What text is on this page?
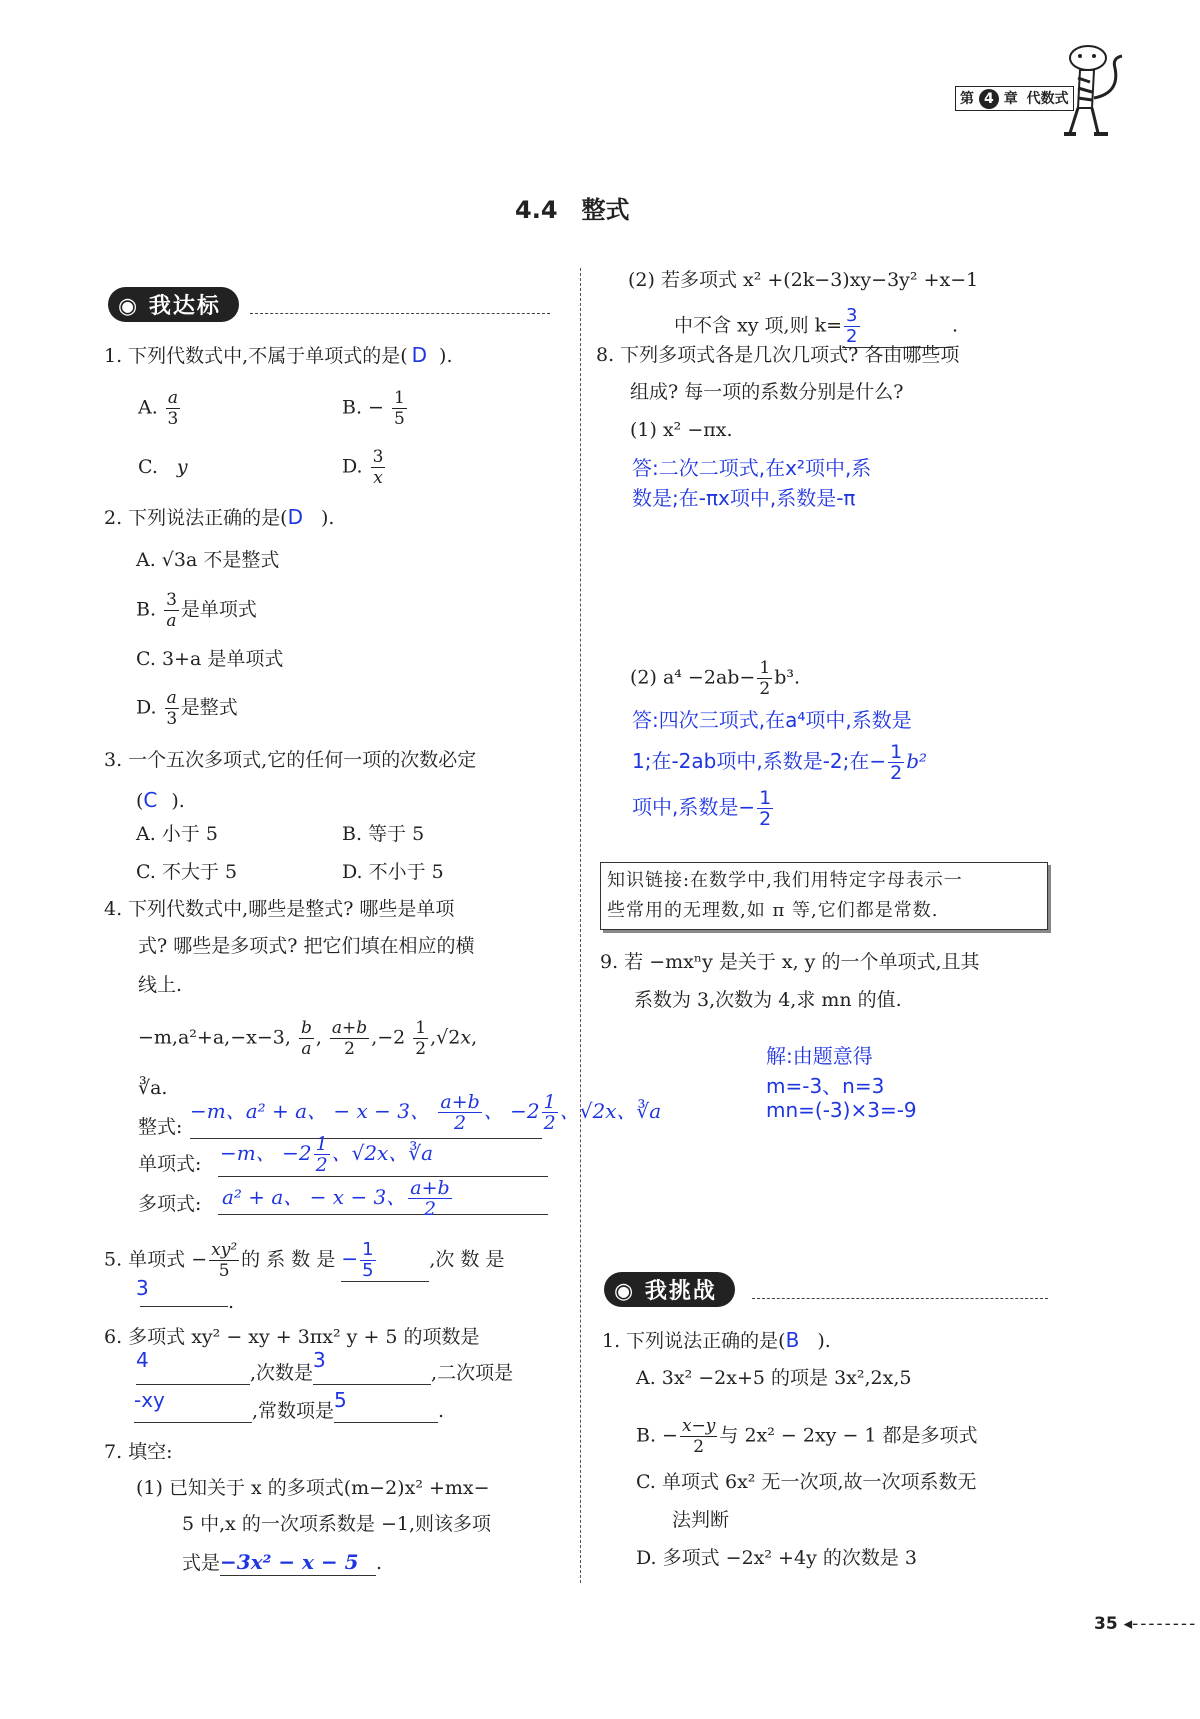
第 4 章 代数式
4.4　整式
◉ 我达标
1. 下列代数式中,不属于单项式的是( D ).
A. $\frac{a}{3}$	B. − $\frac{1}{5}$
C.　 y	D. $\frac{3}{x}$
2. 下列说法正确的是(D ).
A. √3a 不是整式
B. $\frac{3}{a}$ 是单项式
C. 3+a 是单项式
D. $\frac{a}{3}$ 是整式
3. 一个五次多项式,它的任何一项的次数必定
(C ).
A. 小于 5	B. 等于 5
C. 不大于 5	D. 不小于 5
4. 下列代数式中,哪些是整式? 哪些是单项
式? 哪些是多项式? 把它们填在相应的横
线上.
−m,a²+a,−x−3, $\frac{b}{a}$ , $\frac{a+b}{2} ,-2 \frac{1}{2} ,√2x$,
∛a.
整式:
−m、a² + a、 − x − 3、 $\frac{a+b}{2}$ 、 $-2 \frac{1}{2}$ 、√2x、∛a
单项式: −m、 $-2 \frac{1}{2}$ 、√2x、∛a
多项式: a² + a、 − x − 3、 $\frac{a+b}{2}$
5. 单项式 − $\frac{\text{xy²}}{5}$ 的 系 数 是 − $\frac{1}{5}$	,次 数 是
3
.
6. 多项式 xy² − xy + 3πx² y + 5 的项数是
4,次数是3,二次项是
-xy	,常数项是5	.
7. 填空:
(1) 已知关于 x 的多项式(m−2)x² +mx−
5 中,x 的一次项系数是 −1,则该多项
式是−3x² − x − 5 .
(2) 若多项式 x² +(2k−3)xy−3y² +x−1
中不含 xy 项,则 $k= \frac{3}{2}$	.
8. 下列多项式各是几次几项式? 各由哪些项
组成? 每一项的系数分别是什么?
(1) x² −πx.
答:二次二项式,在x²项中,系
数是;在-πx项中,系数是-π
(2) $a^4 -2ab- \frac{1}{2} b^3$.
答:四次三项式,在a⁴项中,系数是
1;在-2ab项中,系数是-2;在− $\frac{1}{2} b^2$
项中,系数是− $\frac{1}{2}$
知识链接:在数学中,我们用特定字母表示一
些常用的无理数,如 π 等,它们都是常数.
9. 若 −mxⁿy 是关于 x, y 的一个单项式,且其
系数为 3,次数为 4,求 mn 的值.
解:由题意得
m=-3、n=3
mn=(-3)×3=-9
◉ 我挑战
1. 下列说法正确的是(B ).
A. 3x² −2x+5 的项是 3x²,2x,5
B. − $\frac{x-y}{2}$ 与 2x² − 2xy − 1 都是多项式
C. 单项式 6x² 无一次项,故一次项系数无
法判断
D. 多项式 −2x² +4y 的次数是 3
35 ◂--------
